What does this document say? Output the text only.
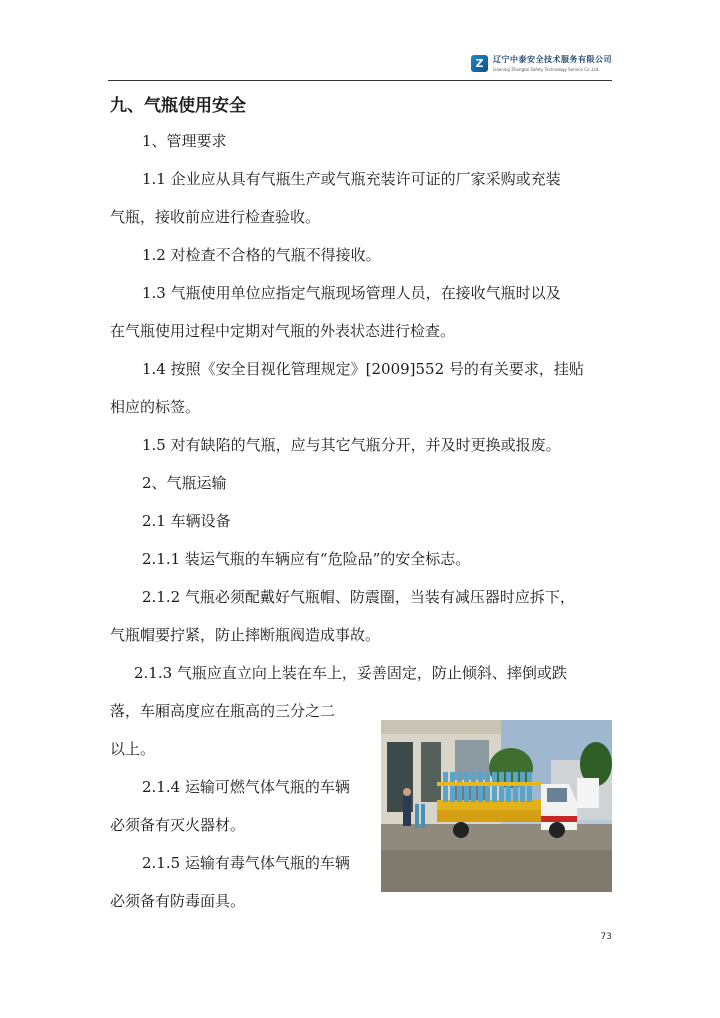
Z	辽宁中泰安全技术服务有限公司
Liaoning Zhongtai Safety Technology Service Co.,Ltd.
九、气瓶使用安全

1、管理要求

1.1 企业应从具有气瓶生产或气瓶充装许可证的厂家采购或充装

气瓶，接收前应进行检查验收。

1.2 对检查不合格的气瓶不得接收。

1.3 气瓶使用单位应指定气瓶现场管理人员，在接收气瓶时以及

在气瓶使用过程中定期对气瓶的外表状态进行检查。

1.4 按照《安全目视化管理规定》[2009]552 号的有关要求，挂贴

相应的标签。

1.5 对有缺陷的气瓶，应与其它气瓶分开，并及时更换或报废。

2、气瓶运输

2.1 车辆设备

2.1.1 装运气瓶的车辆应有“危险品”的安全标志。

2.1.2 气瓶必须配戴好气瓶帽、防震圈，当装有减压器时应拆下，

气瓶帽要拧紧，防止摔断瓶阀造成事故。

2.1.3 气瓶应直立向上装在车上，妥善固定，防止倾斜、摔倒或跌

落，车厢高度应在瓶高的三分之二

以上。

2.1.4 运输可燃气体气瓶的车辆

必须备有灭火器材。

2.1.5 运输有毒气体气瓶的车辆

必须备有防毒面具。

73
